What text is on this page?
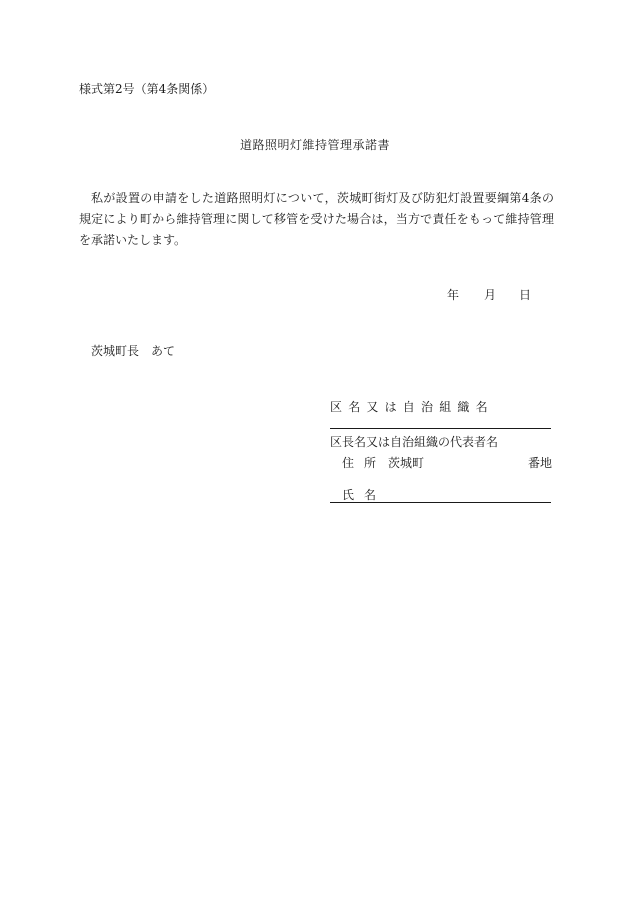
様式第2号（第4条関係）
道路照明灯維持管理承諾書
私が設置の申請をした道路照明灯について，茨城町街灯及び防犯灯設置要綱第4条の規定により町から維持管理に関して移管を受けた場合は，当方で責任をもって維持管理を承諾いたします。
年 月 日
茨城町長 あて
区名又は自治組織名
区長名又は自治組織の代表者名
住所 茨城町	番地
氏名
